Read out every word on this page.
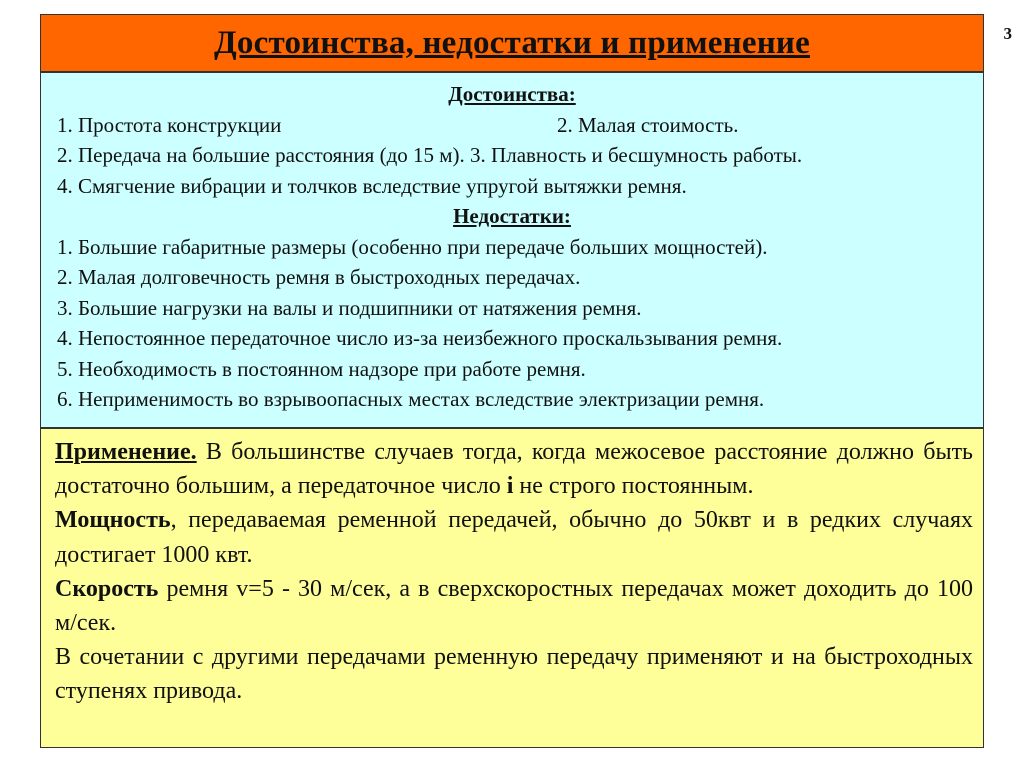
3
Достоинства, недостатки и применение
Достоинства:
1. Простота конструкции	2. Малая стоимость.
2. Передача на большие расстояния (до 15 м). 3. Плавность и бесшумность работы.
4. Смягчение вибрации и толчков вследствие упругой вытяжки ремня.
Недостатки:
1. Большие габаритные размеры (особенно при передаче больших мощностей).
2. Малая долговечность ремня в быстроходных передачах.
3. Большие нагрузки на валы и подшипники от натяжения ремня.
4. Непостоянное передаточное число из-за неизбежного проскальзывания ремня.
5. Необходимость в постоянном надзоре при работе ремня.
6. Неприменимость во взрывоопасных местах вследствие электризации ремня.
Применение. В большинстве случаев тогда, когда межосевое расстояние должно быть достаточно большим, а передаточное число i не строго постоянным.
Мощность, передаваемая ременной передачей, обычно до 50квт и в редких случаях достигает 1000 квт.
Скорость ремня v=5 - 30 м/сек, а в сверхскоростных передачах может доходить до 100 м/сек.
В сочетании с другими передачами ременную передачу применяют и на быстроходных ступенях привода.
